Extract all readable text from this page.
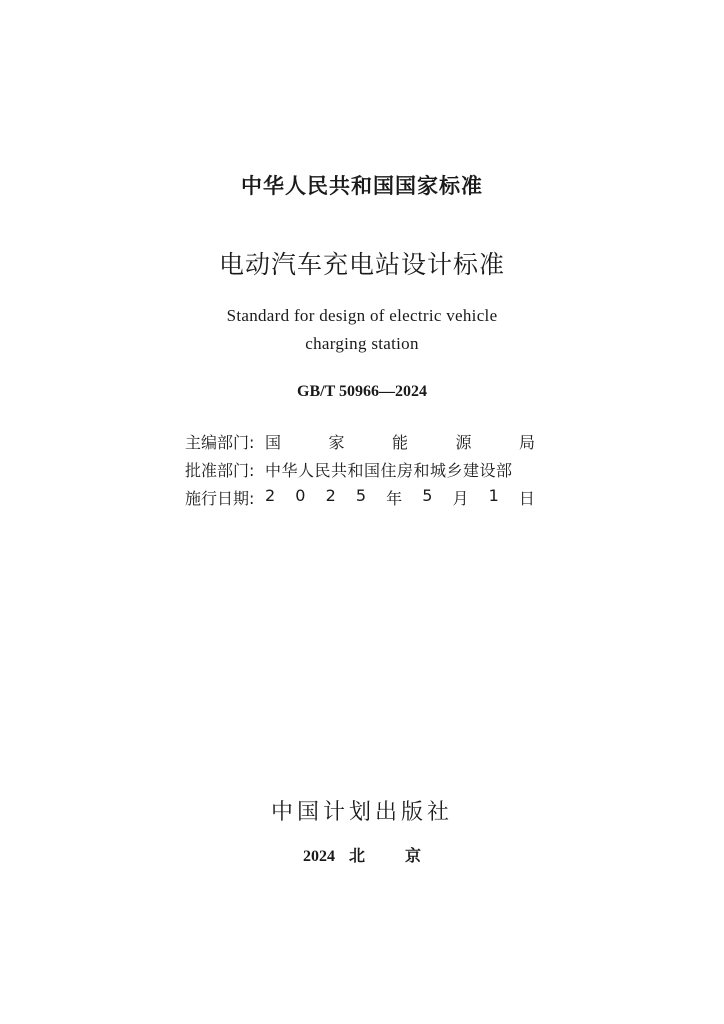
中华人民共和国国家标准
电动汽车充电站设计标准
Standard for design of electric vehicle
charging station
GB/T 50966—2024
主编部门: 国	家	能	源	局
批准部门: 中华人民共和国住房和城乡建设部
施行日期: 2 0 2 5 年 5 月 1 日
中国计划出版社
2024 北	京
